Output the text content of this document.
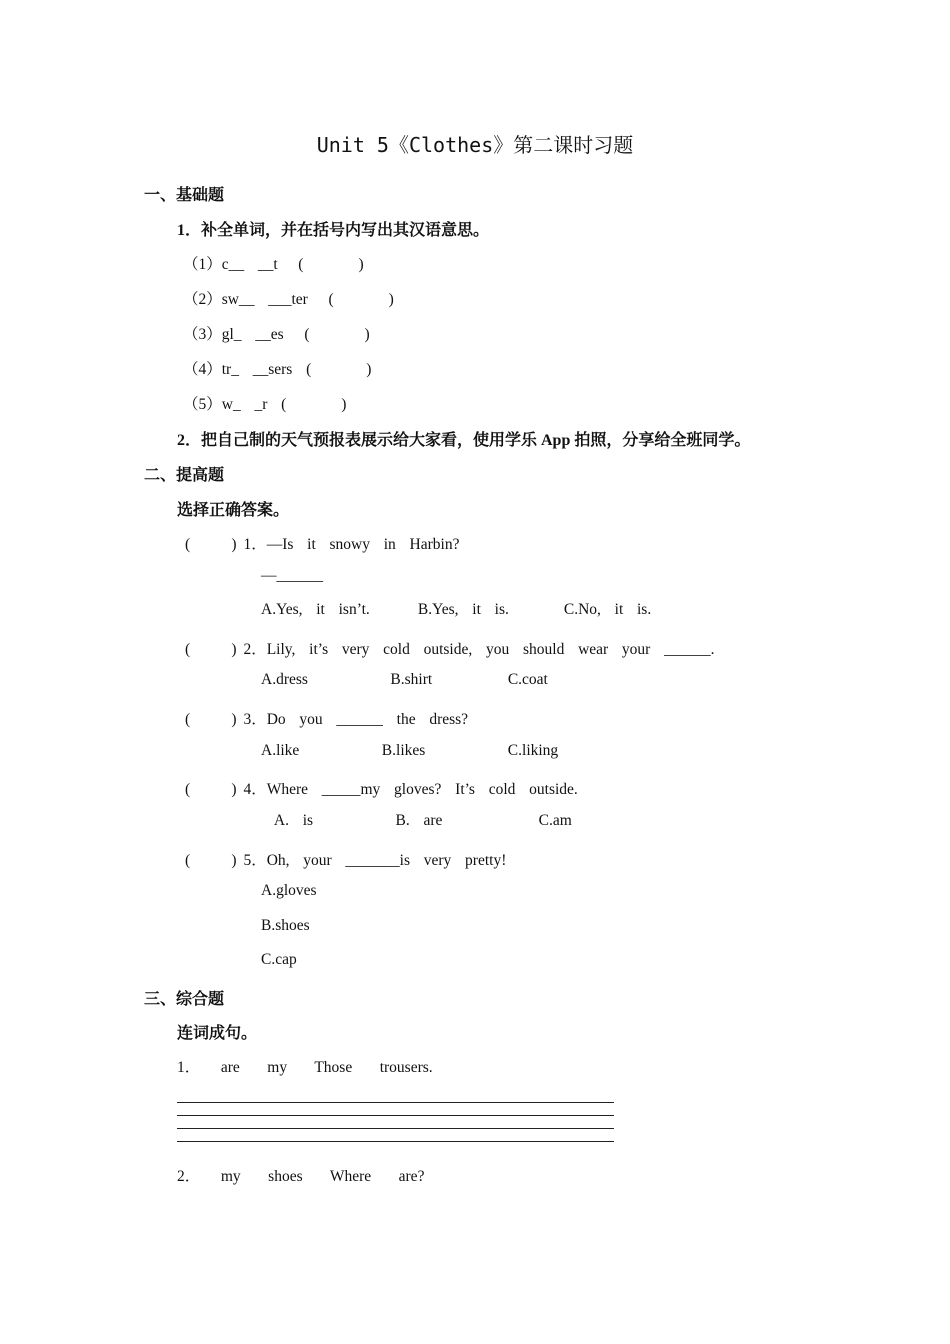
Unit 5《Clothes》第二课时习题
一、基础题
1．补全单词，并在括号内写出其汉语意思。
（1）c__  __t   (        )
（2）sw__  ___ter   (        )
（3）gl_  __es   (        )
（4）tr_  __sers  (        )
（5）w_  _r  (        )
2．把自己制的天气预报表展示给大家看，使用学乐 App 拍照，分享给全班同学。
二、提高题
选择正确答案。
(      ) 1．—Is  it  snowy  in  Harbin?
—______
A.Yes,  it  isn’t.       B.Yes,  it  is.        C.No,  it  is.
(      ) 2．Lily,  it’s  very  cold  outside,  you  should  wear  your  ______.
A.dress            B.shirt           C.coat
(      ) 3．Do  you  ______  the  dress?
A.like            B.likes            C.liking
(      ) 4．Where  _____my  gloves?  It’s  cold  outside.
A.  is            B.  are              C.am
(      ) 5．Oh,  your  _______is  very  pretty!
A.gloves
B.shoes
C.cap
三、综合题
连词成句。
1．   are    my    Those    trousers.
2．   my    shoes    Where    are?
